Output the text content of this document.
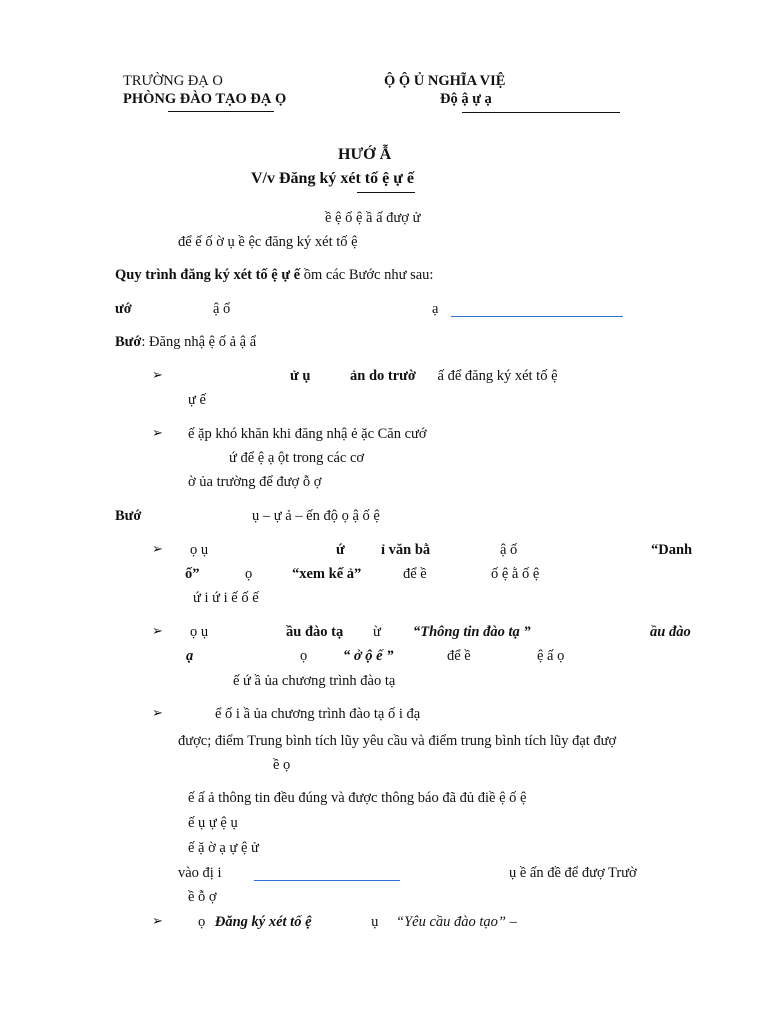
TRƯỜNG ĐẠ O
PHÒNG ĐÀO TẠO ĐẠ Ọ
Ộ Ộ Ủ NGHĨA VIỆ
Độ ậ ự ạ
HƯỚ Ẫ
V/v Đăng ký xét tố ệ ự ế
ề ệ ố ệ ầ ấ đượ ử
để ế ố ờ ụ ề ệc đăng ký xét tố ệ
Quy trình đăng ký xét tố ệ ự ế ồm các Bước như sau:
ướ	ậ ổ	ạ
Bướ: Đăng nhậ ệ ố ả ậ ẩ
➢	ử ụ	ản do trườ ấ để đăng ký xét tố ệ
ự ế
➢ ế ặp khó khăn khi đăng nhậ ẻ ặc Căn cướ
ứ để ệ ạ ột trong các cơ
ờ ủa trường để đượ ỗ ợ
Bướ	ụ – ự ả – ến độ ọ ậ ố ệ
➢ ọ ụ	ứ	ỉ văn bằ	ậ ố	“Danh
ố”	ọ	“xem kế ả”	để ề	ố ệ ằ ố ệ
ứ i ứ i ế ố ế
➢ ọ ụ	ầu đào tạ ừ “Thông tin đào tạ ”	ầu đào
ạ	ọ “ ở ộ ế ”	để ề	ệ ấ ọ
ế ứ ầ ủa chương trình đào tạ
➢	ể ố i ầ ủa chương trình đào tạ ố i đạ
được; điểm Trung bình tích lũy yêu cầu và điểm trung bình tích lũy đạt đượ
ề ọ
ế ấ ả thông tin đều đúng và được thông báo đã đủ điề ệ ố ệ
ế ụ ự ệ ụ
ế ặ ờ ạ ự ệ ử
vào đị i	ụ ề ấn đề để đượ Trườ
ề ỗ ợ
➢ ọ Đăng ký xét tố ệ	ụ “Yêu cầu đào tạo” –
